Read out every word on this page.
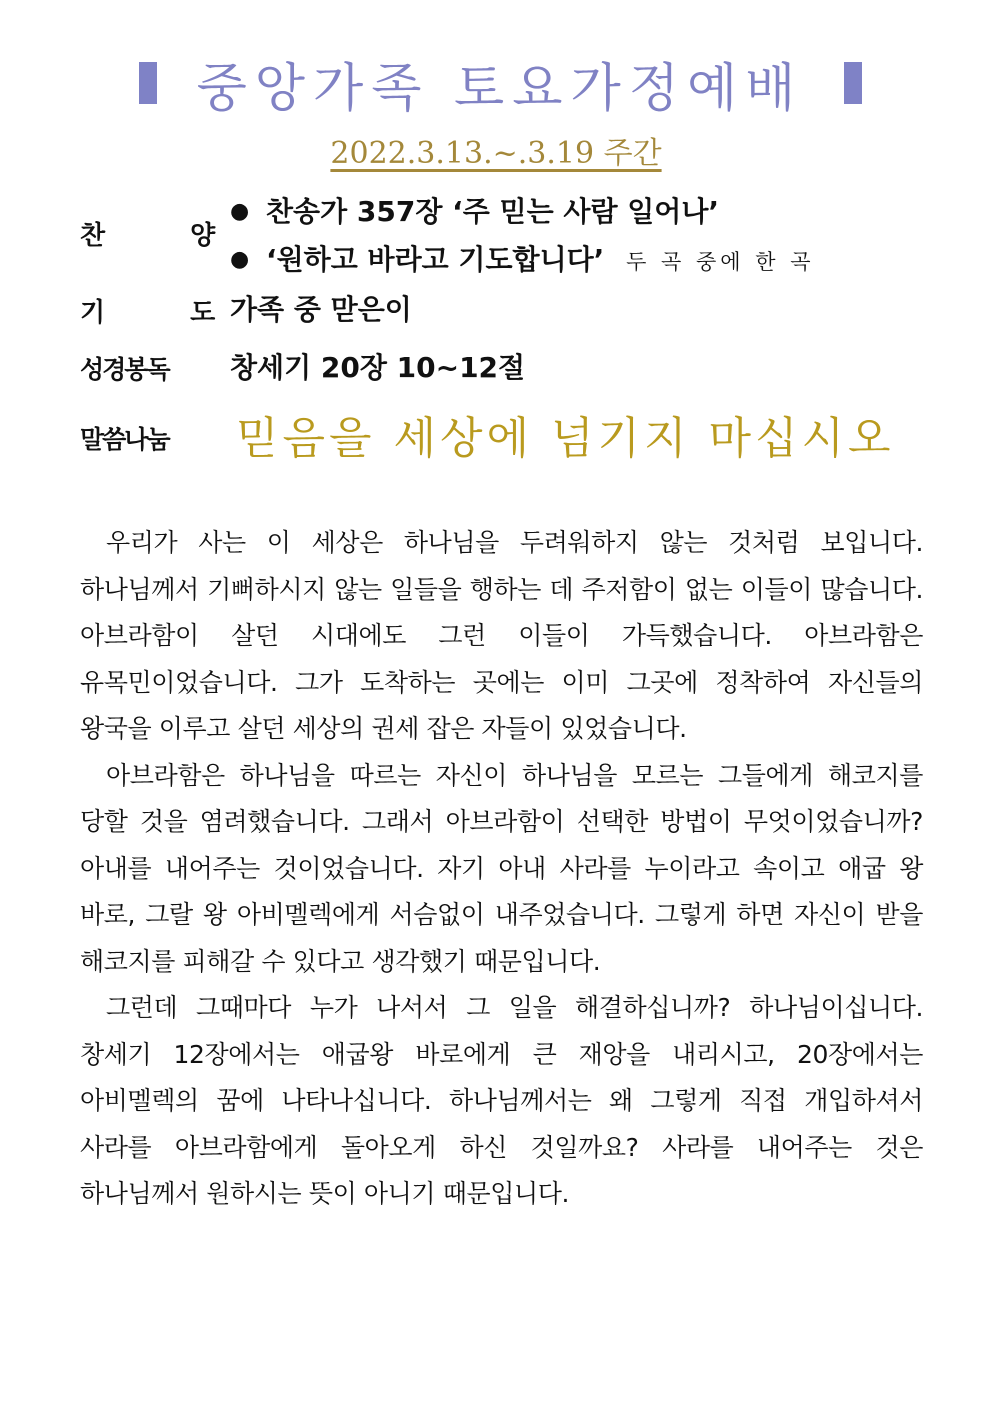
중앙가족 토요가정예배
2022.3.13.~.3.19 주간
찬 양
● 찬송가 357장 ‘주 믿는 사람 일어나’
● ‘원하고 바라고 기도합니다’ 두 곡 중에 한 곡
기 도
가족 중 맏은이
성경봉독	창세기 20장 10~12절
말씀나눔	믿음을 세상에 넘기지 마십시오

우리가 사는 이 세상은 하나님을 두려워하지 않는 것처럼 보입니다. 하나님께서 기뻐하시지 않는 일들을 행하는 데 주저함이 없는 이들이 많습니다. 아브라함이 살던 시대에도 그런 이들이 가득했습니다. 아브라함은 유목민이었습니다. 그가 도착하는 곳에는 이미 그곳에 정착하여 자신들의 왕국을 이루고 살던 세상의 권세 잡은 자들이 있었습니다.

아브라함은 하나님을 따르는 자신이 하나님을 모르는 그들에게 해코지를 당할 것을 염려했습니다. 그래서 아브라함이 선택한 방법이 무엇이었습니까? 아내를 내어주는 것이었습니다. 자기 아내 사라를 누이라고 속이고 애굽 왕 바로, 그랄 왕 아비멜렉에게 서슴없이 내주었습니다. 그렇게 하면 자신이 받을 해코지를 피해갈 수 있다고 생각했기 때문입니다.

그런데 그때마다 누가 나서서 그 일을 해결하십니까? 하나님이십니다. 창세기 12장에서는 애굽왕 바로에게 큰 재앙을 내리시고, 20장에서는 아비멜렉의 꿈에 나타나십니다. 하나님께서는 왜 그렇게 직접 개입하셔서 사라를 아브라함에게 돌아오게 하신 것일까요? 사라를 내어주는 것은 하나님께서 원하시는 뜻이 아니기 때문입니다.
